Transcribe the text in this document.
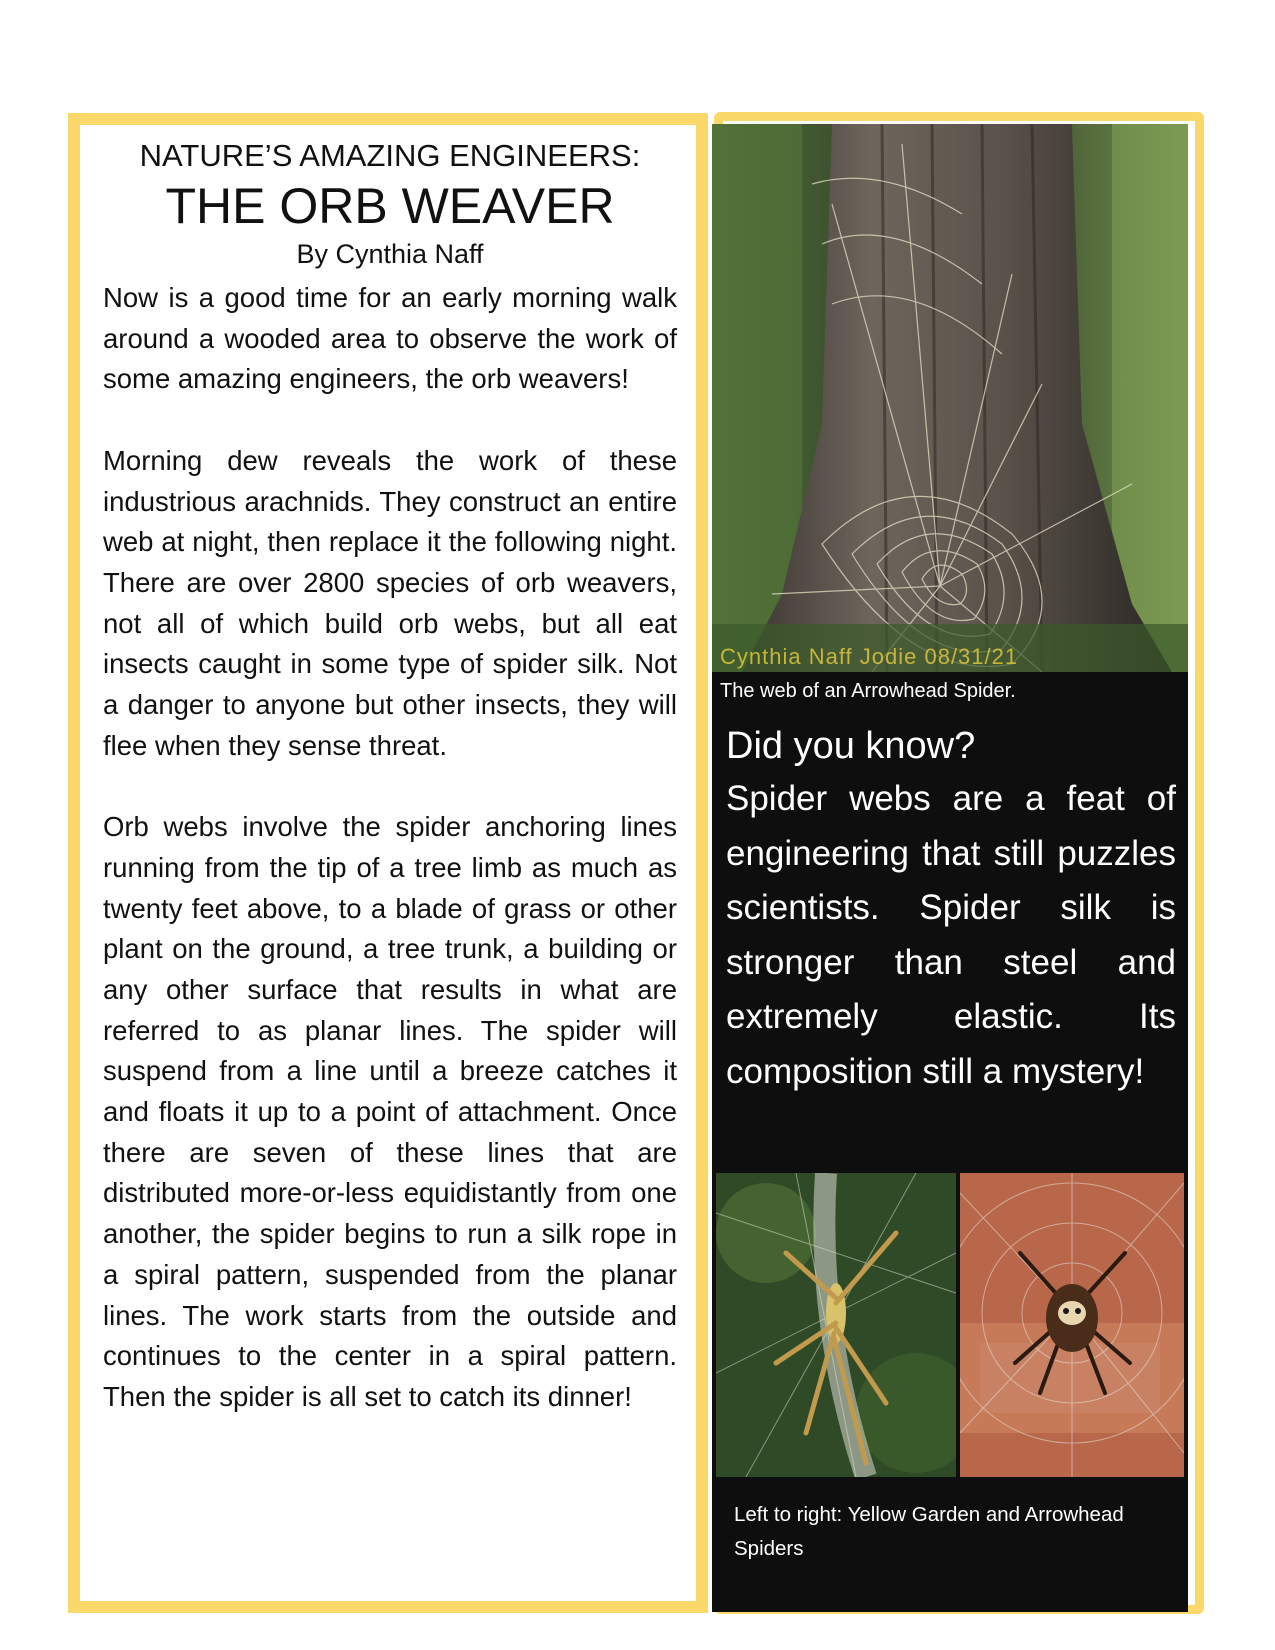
NATURE’S AMAZING ENGINEERS:

THE ORB WEAVER

By Cynthia Naff

Now is a good time for an early morning walk around a wooded area to observe the work of some amazing engineers, the orb weavers!

Morning dew reveals the work of these industrious arachnids. They construct an entire web at night, then replace it the following night. There are over 2800 species of orb weavers, not all of which build orb webs, but all eat insects caught in some type of spider silk. Not a danger to anyone but other insects, they will flee when they sense threat.

Orb webs involve the spider anchoring lines running from the tip of a tree limb as much as twenty feet above, to a blade of grass or other plant on the ground, a tree trunk, a building or any other surface that results in what are referred to as planar lines. The spider will suspend from a line until a breeze catches it and floats it up to a point of attachment. Once there are seven of these lines that are distributed more-or-less equidistantly from one another, the spider begins to run a silk rope in a spiral pattern, suspended from the planar lines. The work starts from the outside and continues to the center in a spiral pattern. Then the spider is all set to catch its dinner!

Cynthia Naff Jodie 08/31/21
The web of an Arrowhead Spider.

Did you know?

Spider webs are a feat of engineering that still puzzles scientists. Spider silk is stronger than steel and extremely elastic. Its composition still a mystery!

Left to right: Yellow Garden and Arrowhead Spiders
